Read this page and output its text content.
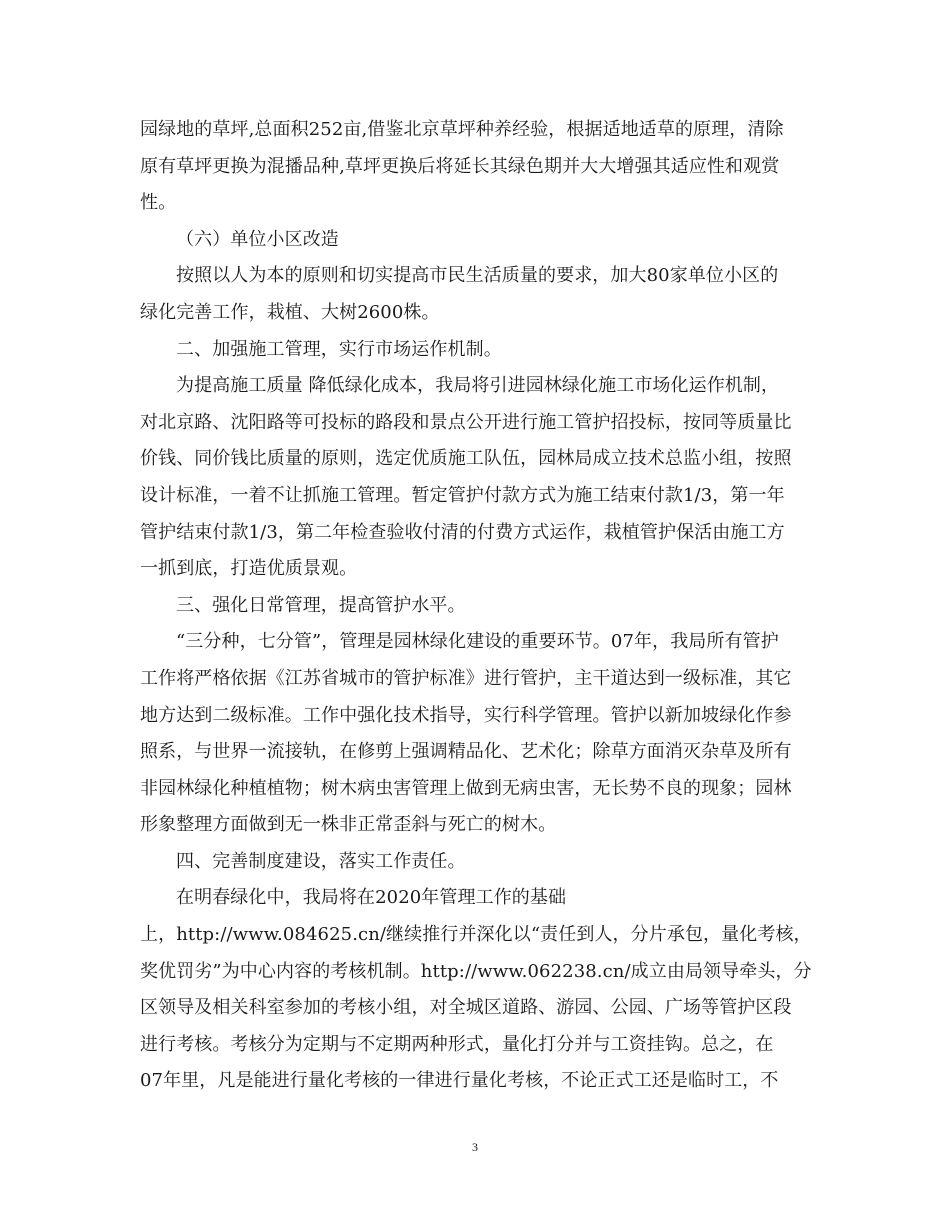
园绿地的草坪,总面积252亩,借鉴北京草坪种养经验，根据适地适草的原理，清除
原有草坪更换为混播品种,草坪更换后将延长其绿色期并大大增强其适应性和观赏
性。
（六）单位小区改造
按照以人为本的原则和切实提高市民生活质量的要求，加大80家单位小区的
绿化完善工作，栽植、大树2600株。
二、加强施工管理，实行市场运作机制。
为提高施工质量 降低绿化成本，我局将引进园林绿化施工市场化运作机制，
对北京路、沈阳路等可投标的路段和景点公开进行施工管护招投标，按同等质量比
价钱、同价钱比质量的原则，选定优质施工队伍，园林局成立技术总监小组，按照
设计标准，一着不让抓施工管理。暂定管护付款方式为施工结束付款1/3，第一年
管护结束付款1/3，第二年检查验收付清的付费方式运作，栽植管护保活由施工方
一抓到底，打造优质景观。
三、强化日常管理，提高管护水平。
“三分种，七分管”，管理是园林绿化建设的重要环节。07年，我局所有管护
工作将严格依据《江苏省城市的管护标准》进行管护，主干道达到一级标准，其它
地方达到二级标准。工作中强化技术指导，实行科学管理。管护以新加坡绿化作参
照系，与世界一流接轨，在修剪上强调精品化、艺术化；除草方面消灭杂草及所有
非园林绿化种植植物；树木病虫害管理上做到无病虫害，无长势不良的现象；园林
形象整理方面做到无一株非正常歪斜与死亡的树木。
四、完善制度建设，落实工作责任。
在明春绿化中，我局将在2020年管理工作的基础
上，http://www.084625.cn/继续推行并深化以“责任到人，分片承包，量化考核，
奖优罚劣”为中心内容的考核机制。http://www.062238.cn/成立由局领导牵头，分
区领导及相关科室参加的考核小组，对全城区道路、游园、公园、广场等管护区段
进行考核。考核分为定期与不定期两种形式，量化打分并与工资挂钩。总之，在
07年里，凡是能进行量化考核的一律进行量化考核，不论正式工还是临时工，不
3
